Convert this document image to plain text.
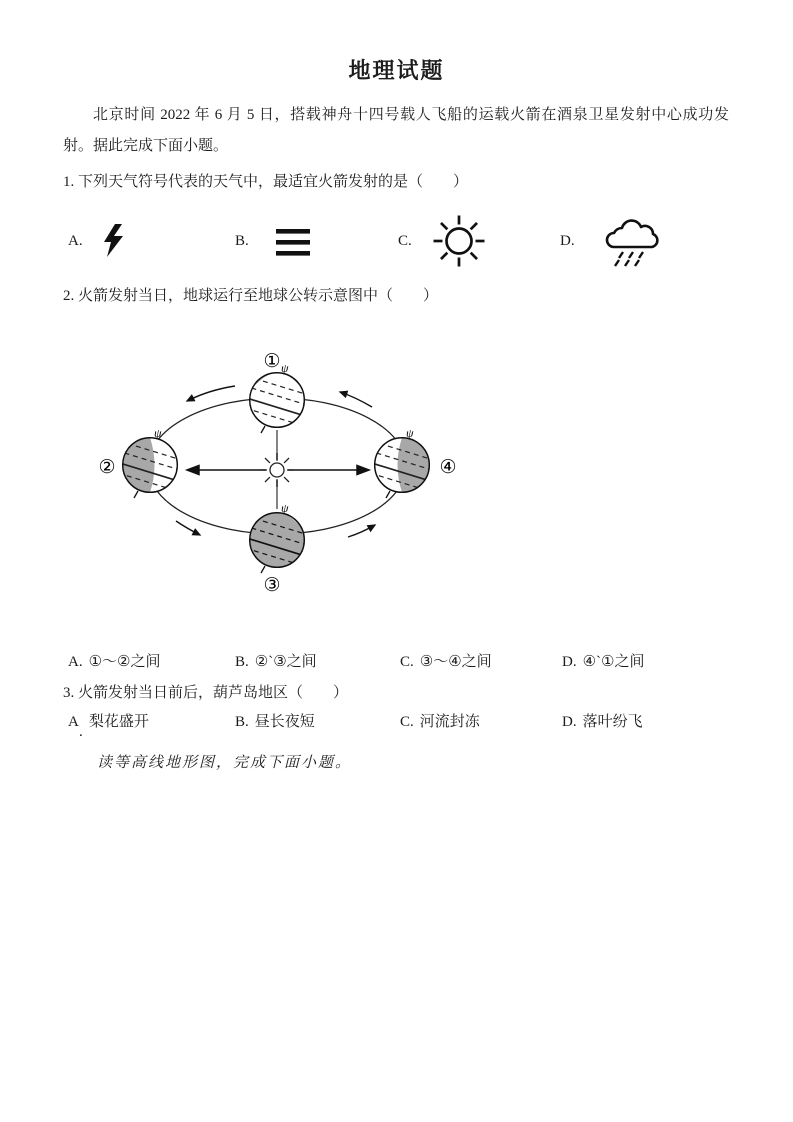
地理试题
北京时间 2022 年 6 月 5 日，搭载神舟十四号载人飞船的运载火箭在酒泉卫星发射中心成功发射。据此完成下面小题。
1. 下列天气符号代表的天气中，最适宜火箭发射的是（　　）
A.	B.	C.	D.
2. 火箭发射当日，地球运行至地球公转示意图中（　　）
ψ
ψ
ψ
ψ
①
②
③
④
A. ①～②之间	B. ②`③之间	C. ③～④之间	D. ④`①之间
3. 火箭发射当日前后，葫芦岛地区（　　）
A 梨花盛开	B. 昼长夜短	C. 河流封冻	D. 落叶纷飞
.
读等高线地形图，完成下面小题。
